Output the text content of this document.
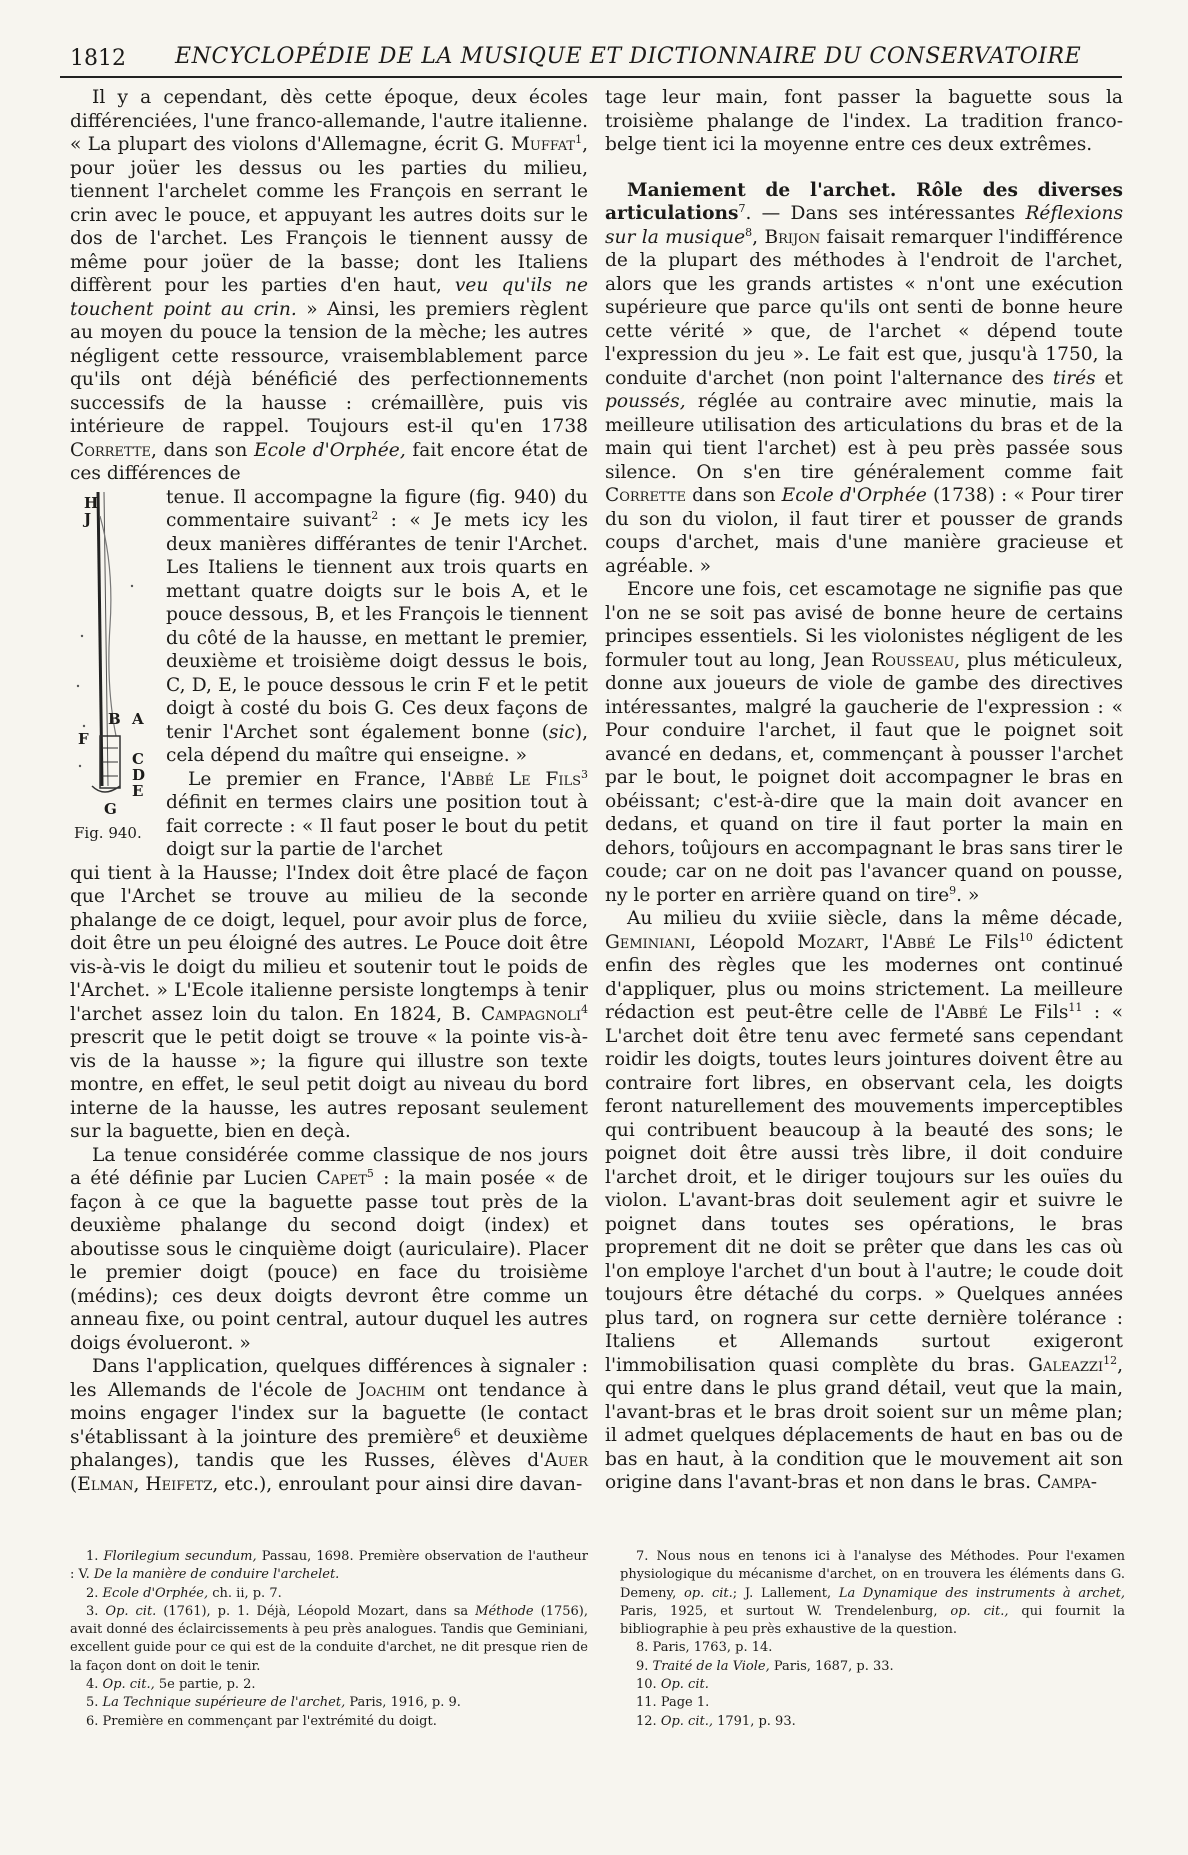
1812 ENCYCLOPÉDIE DE LA MUSIQUE ET DICTIONNAIRE DU CONSERVATOIRE

Il y a cependant, dès cette époque, deux écoles différenciées, l'une franco-allemande, l'autre italienne. « La plupart des violons d'Allemagne, écrit G. Muffat$^1$, pour joüer les dessus ou les parties du milieu, tiennent l'archelet comme les François en serrant le crin avec le pouce, et appuyant les autres doits sur le dos de l'archet. Les François le tiennent aussy de même pour joüer de la basse; dont les Italiens diffèrent pour les parties d'en haut, veu qu'ils ne touchent point au crin. » Ainsi, les premiers règlent au moyen du pouce la tension de la mèche; les autres négligent cette ressource, vraisemblablement parce qu'ils ont déjà bénéficié des perfectionnements successifs de la hausse : crémaillère, puis vis intérieure de rappel. Toujours est-il qu'en 1738 Corrette, dans son Ecole d'Orphée, fait encore état de ces différences de

H
J
B A
F
C
D
E
G
Fig. 940.

tenue. Il accompagne la figure (fig. 940) du commentaire suivant$^2$ : « Je mets icy les deux manières différantes de tenir l'Archet. Les Italiens le tiennent aux trois quarts en mettant quatre doigts sur le bois A, et le pouce dessous, B, et les François le tiennent du côté de la hausse, en mettant le premier, deuxième et troisième doigt dessus le bois, C, D, E, le pouce dessous le crin F et le petit doigt à costé du bois G. Ces deux façons de tenir l'Archet sont également bonne (sic), cela dépend du maître qui enseigne. »

Le premier en France, l'Abbé Le Fils$^3$ définit en termes clairs une position tout à fait correcte : « Il faut poser le bout du petit doigt sur la partie de l'archet

qui tient à la Hausse; l'Index doit être placé de façon que l'Archet se trouve au milieu de la seconde phalange de ce doigt, lequel, pour avoir plus de force, doit être un peu éloigné des autres. Le Pouce doit être vis-à-vis le doigt du milieu et soutenir tout le poids de l'Archet. » L'Ecole italienne persiste longtemps à tenir l'archet assez loin du talon. En 1824, B. Campagnoli$^4$ prescrit que le petit doigt se trouve « la pointe vis-à-vis de la hausse »; la figure qui illustre son texte montre, en effet, le seul petit doigt au niveau du bord interne de la hausse, les autres reposant seulement sur la baguette, bien en deçà.

La tenue considérée comme classique de nos jours a été définie par Lucien Capet$^5$ : la main posée « de façon à ce que la baguette passe tout près de la deuxième phalange du second doigt (index) et aboutisse sous le cinquième doigt (auriculaire). Placer le premier doigt (pouce) en face du troisième (médins); ces deux doigts devront être comme un anneau fixe, ou point central, autour duquel les autres doigs évolueront. »

Dans l'application, quelques différences à signaler : les Allemands de l'école de Joachim ont tendance à moins engager l'index sur la baguette (le contact s'établissant à la jointure des première$^6$ et deuxième phalanges), tandis que les Russes, élèves d'Auer (Elman, Heifetz, etc.), enroulant pour ainsi dire davan-

tage leur main, font passer la baguette sous la troisième phalange de l'index. La tradition franco-belge tient ici la moyenne entre ces deux extrêmes.

Maniement de l'archet. Rôle des diverses articulations$^7$. — Dans ses intéressantes Réflexions sur la musique$^8$, Brijon faisait remarquer l'indifférence de la plupart des méthodes à l'endroit de l'archet, alors que les grands artistes « n'ont une exécution supérieure que parce qu'ils ont senti de bonne heure cette vérité » que, de l'archet « dépend toute l'expression du jeu ». Le fait est que, jusqu'à 1750, la conduite d'archet (non point l'alternance des tirés et poussés, réglée au contraire avec minutie, mais la meilleure utilisation des articulations du bras et de la main qui tient l'archet) est à peu près passée sous silence. On s'en tire généralement comme fait Corrette dans son Ecole d'Orphée (1738) : « Pour tirer du son du violon, il faut tirer et pousser de grands coups d'archet, mais d'une manière gracieuse et agréable. »

Encore une fois, cet escamotage ne signifie pas que l'on ne se soit pas avisé de bonne heure de certains principes essentiels. Si les violonistes négligent de les formuler tout au long, Jean Rousseau, plus méticuleux, donne aux joueurs de viole de gambe des directives intéressantes, malgré la gaucherie de l'expression : « Pour conduire l'archet, il faut que le poignet soit avancé en dedans, et, commençant à pousser l'archet par le bout, le poignet doit accompagner le bras en obéissant; c'est-à-dire que la main doit avancer en dedans, et quand on tire il faut porter la main en dehors, toûjours en accompagnant le bras sans tirer le coude; car on ne doit pas l'avancer quand on pousse, ny le porter en arrière quand on tire$^9$. »

Au milieu du xviiie siècle, dans la même décade, Geminiani, Léopold Mozart, l'Abbé Le Fils$^{10}$ édictent enfin des règles que les modernes ont continué d'appliquer, plus ou moins strictement. La meilleure rédaction est peut-être celle de l'Abbé Le Fils$^{11}$ : « L'archet doit être tenu avec fermeté sans cependant roidir les doigts, toutes leurs jointures doivent être au contraire fort libres, en observant cela, les doigts feront naturellement des mouvements imperceptibles qui contribuent beaucoup à la beauté des sons; le poignet doit être aussi très libre, il doit conduire l'archet droit, et le diriger toujours sur les ouïes du violon. L'avant-bras doit seulement agir et suivre le poignet dans toutes ses opérations, le bras proprement dit ne doit se prêter que dans les cas où l'on employe l'archet d'un bout à l'autre; le coude doit toujours être détaché du corps. » Quelques années plus tard, on rognera sur cette dernière tolérance : Italiens et Allemands surtout exigeront l'immobilisation quasi complète du bras. Galeazzi$^{12}$, qui entre dans le plus grand détail, veut que la main, l'avant-bras et le bras droit soient sur un même plan; il admet quelques déplacements de haut en bas ou de bas en haut, à la condition que le mouvement ait son origine dans l'avant-bras et non dans le bras. Campa-

1. Florilegium secundum, Passau, 1698. Première observation de l'autheur : V. De la manière de conduire l'archelet.

2. Ecole d'Orphée, ch. ii, p. 7.

3. Op. cit. (1761), p. 1. Déjà, Léopold Mozart, dans sa Méthode (1756), avait donné des éclaircissements à peu près analogues. Tandis que Geminiani, excellent guide pour ce qui est de la conduite d'archet, ne dit presque rien de la façon dont on doit le tenir.

4. Op. cit., 5e partie, p. 2.

5. La Technique supérieure de l'archet, Paris, 1916, p. 9.

6. Première en commençant par l'extrémité du doigt.

7. Nous nous en tenons ici à l'analyse des Méthodes. Pour l'examen physiologique du mécanisme d'archet, on en trouvera les éléments dans G. Demeny, op. cit.; J. Lallement, La Dynamique des instruments à archet, Paris, 1925, et surtout W. Trendelenburg, op. cit., qui fournit la bibliographie à peu près exhaustive de la question.

8. Paris, 1763, p. 14.

9. Traité de la Viole, Paris, 1687, p. 33.

10. Op. cit.

11. Page 1.

12. Op. cit., 1791, p. 93.
